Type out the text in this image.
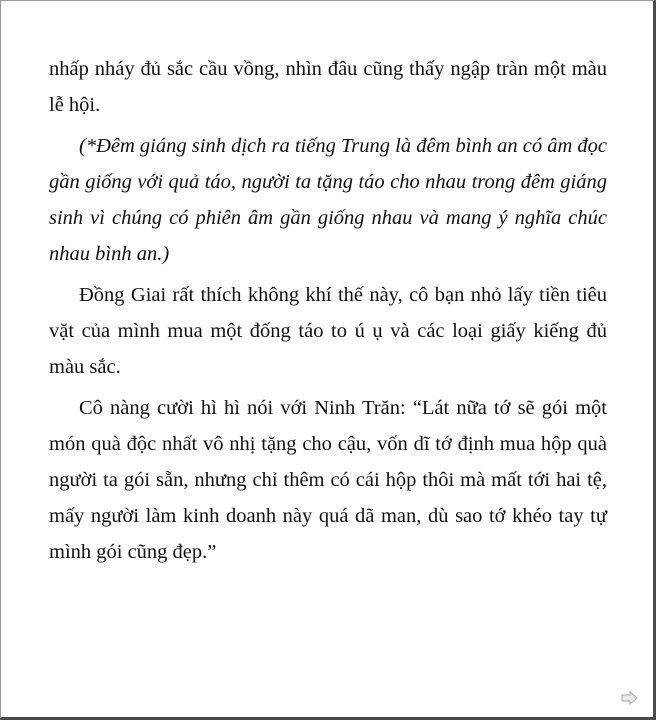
nhấp nháy đủ sắc cầu vồng, nhìn đâu cũng thấy ngập tràn một màu lễ hội.

(*Đêm giáng sinh dịch ra tiếng Trung là đêm bình an có âm đọc gần giống với quả táo, người ta tặng táo cho nhau trong đêm giáng sinh vì chúng có phiên âm gần giống nhau và mang ý nghĩa chúc nhau bình an.)

Đồng Giai rất thích không khí thế này, cô bạn nhỏ lấy tiền tiêu vặt của mình mua một đống táo to ú ụ và các loại giấy kiếng đủ màu sắc.

Cô nàng cười hì hì nói với Ninh Trăn: “Lát nữa tớ sẽ gói một món quà độc nhất vô nhị tặng cho cậu, vốn dĩ tớ định mua hộp quà người ta gói sẵn, nhưng chỉ thêm có cái hộp thôi mà mất tới hai tệ, mấy người làm kinh doanh này quá dã man, dù sao tớ khéo tay tự mình gói cũng đẹp.”
